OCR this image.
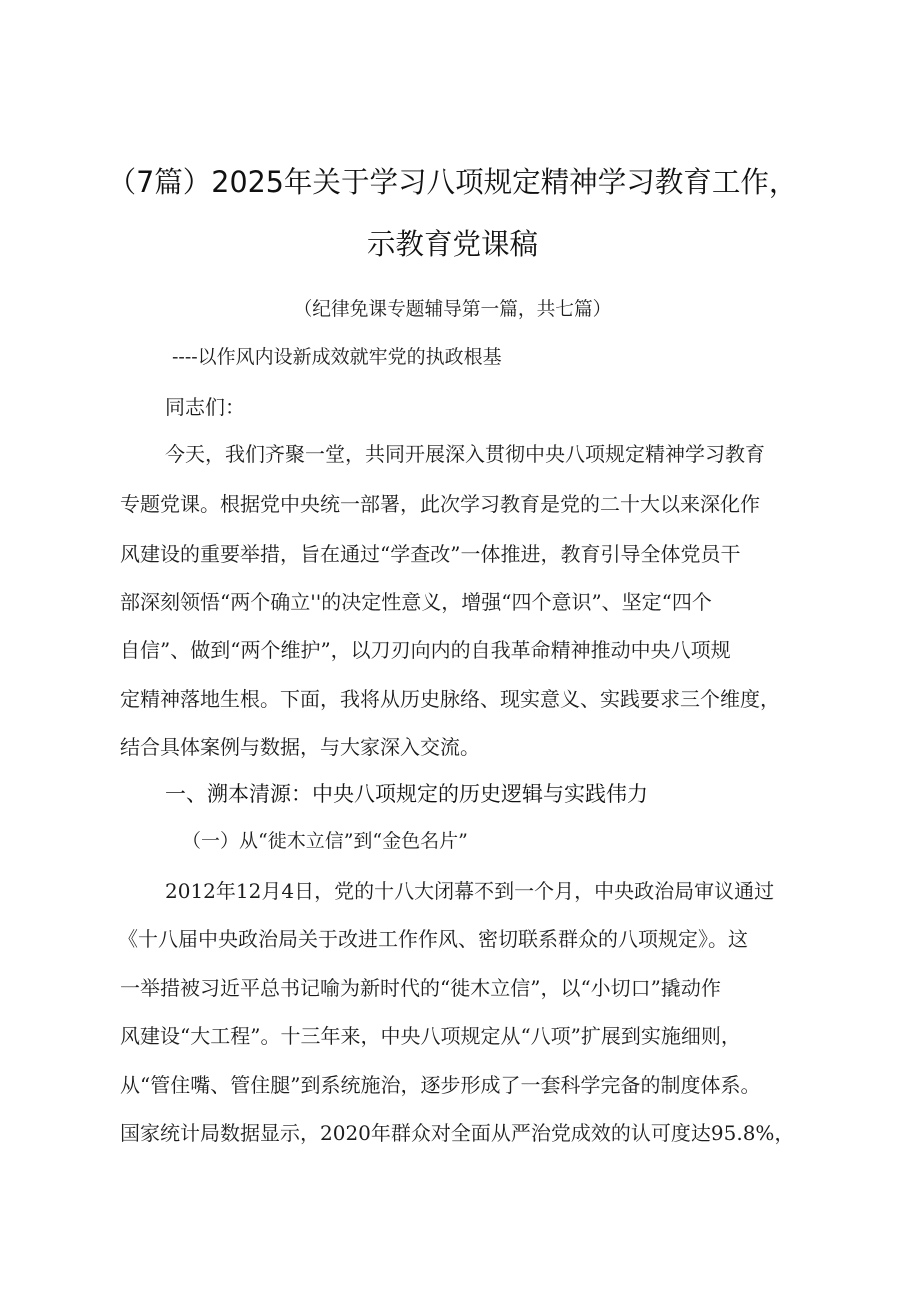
（7篇）2025年关于学习八项规定精神学习教育工作，
示教育党课稿
（纪律免课专题辅导第一篇，共七篇）
----以作风内设新成效就牢党的执政根基
同志们：
今天，我们齐聚一堂，共同开展深入贯彻中央八项规定精神学习教育
专题党课。根据党中央统一部署，此次学习教育是党的二十大以来深化作
风建设的重要举措，旨在通过“学查改”一体推进，教育引导全体党员干
部深刻领悟“两个确立''的决定性意义，增强“四个意识”、坚定“四个
自信”、做到“两个维护”，以刀刃向内的自我革命精神推动中央八项规
定精神落地生根。下面，我将从历史脉络、现实意义、实践要求三个维度，
结合具体案例与数据，与大家深入交流。
一、溯本清源：中央八项规定的历史逻辑与实践伟力
（一）从“徙木立信”到“金色名片”
2012年12月4日，党的十八大闭幕不到一个月，中央政治局审议通过
《十八届中央政治局关于改进工作作风、密切联系群众的八项规定》。这
一举措被习近平总书记喻为新时代的“徙木立信”，以“小切口”撬动作
风建设“大工程”。十三年来，中央八项规定从“八项”扩展到实施细则，
从“管住嘴、管住腿”到系统施治，逐步形成了一套科学完备的制度体系。
国家统计局数据显示，2020年群众对全面从严治党成效的认可度达95.8%，
